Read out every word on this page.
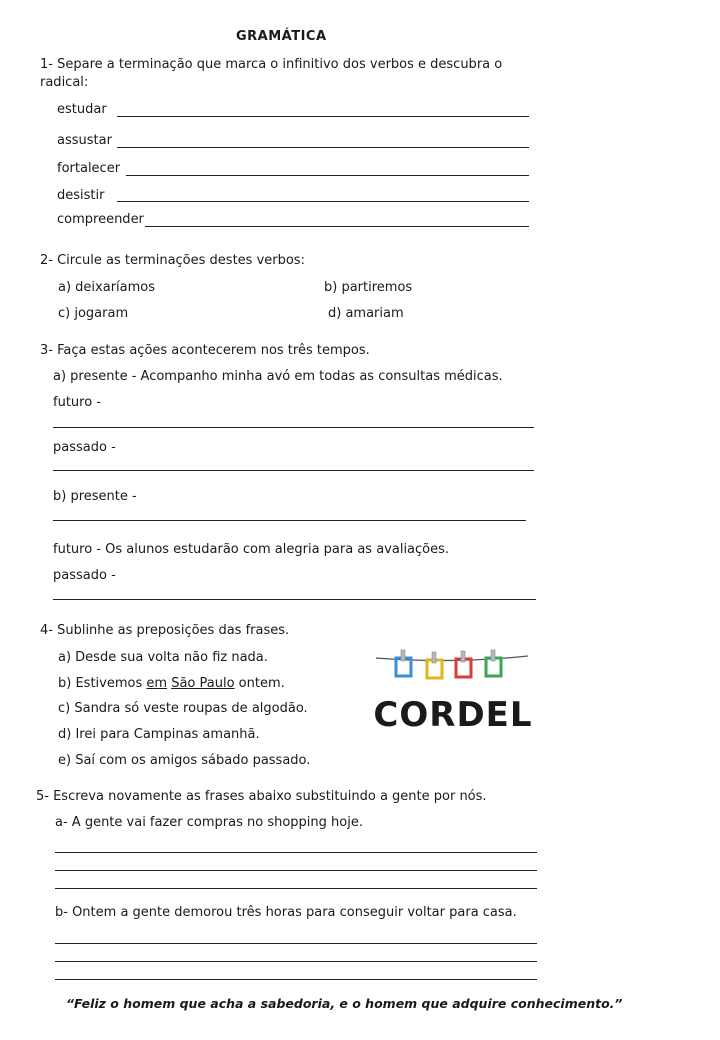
GRAMÁTICA
1- Separe a terminação que marca o infinitivo dos verbos e descubra o
radical:
estudar
assustar
fortalecer
desistir
compreender
2- Circule as terminações destes verbos:
a) deixaríamos	b) partiremos
c) jogaram	d) amariam
3- Faça estas ações acontecerem nos três tempos.
a) presente - Acompanho minha avó em todas as consultas médicas.
futuro -
passado -
b) presente -
futuro - Os alunos estudarão com alegria para as avaliações.
passado -
4- Sublinhe as preposições das frases.
a) Desde sua volta não fiz nada.
b) Estivemos em São Paulo ontem.
c) Sandra só veste roupas de algodão.
d) Irei para Campinas amanhã.
e) Saí com os amigos sábado passado.
CORDEL
5- Escreva novamente as frases abaixo substituindo a gente por nós.
a- A gente vai fazer compras no shopping hoje.
b- Ontem a gente demorou três horas para conseguir voltar para casa.
“Feliz o homem que acha a sabedoria, e o homem que adquire conhecimento.”
